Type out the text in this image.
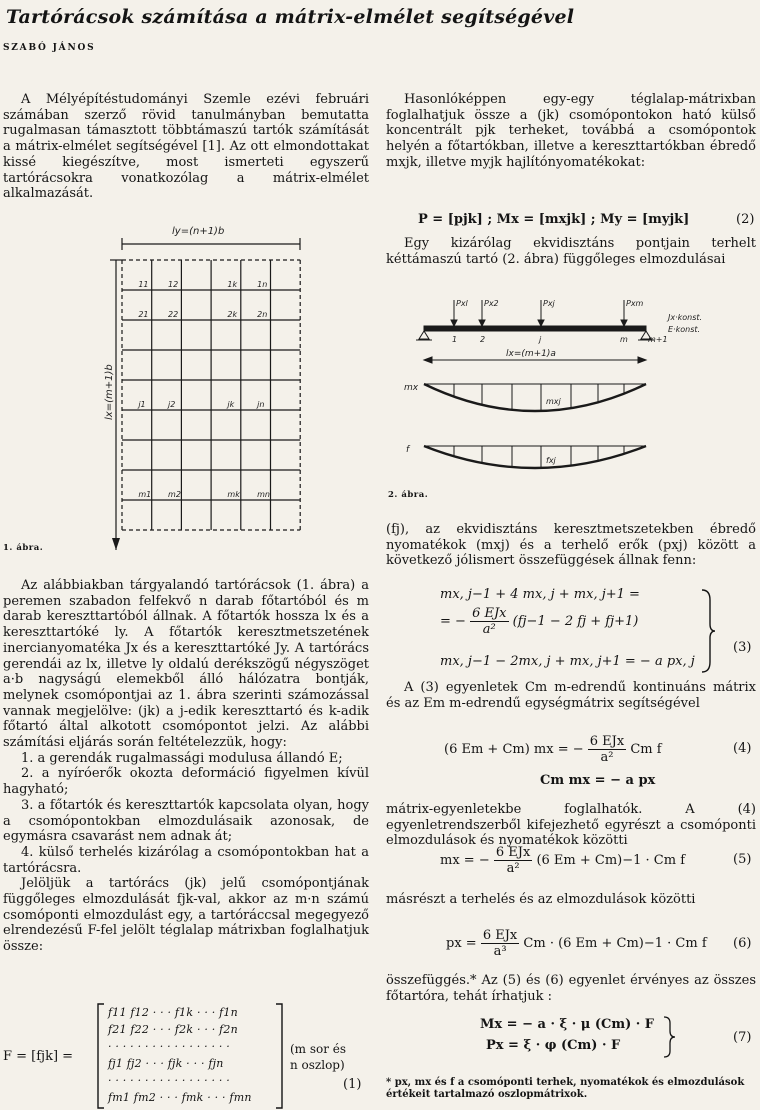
Tartórácsok számítása a mátrix-elmélet segítségével
SZABÓ JÁNOS

A Mélyépítéstudományi Szemle ezévi februári számában szerző rövid tanulmányban bemutatta rugalmasan támasztott többtámaszú tartók számítását a mátrix-elmélet segítségével [1]. Az ott elmondottakat kissé kiegészítve, most ismerteti egyszerű tartórácsokra vonatkozólag a mátrix-elmélet alkalmazását.

11 12	1k 1n
21 22	2k 2n
j1	j2	jk	jn
m1 m2	mk mn
ly=(n+1)b
lx=(m+1)b
1. ábra.

Az alábbiakban tárgyalandó tartórácsok (1. ábra) a peremen szabadon felfekvő n darab főtartóból és m darab kereszttartóból állnak. A főtartók hossza lx és a kereszttartóké ly. A főtartók keresztmetszetének inercianyomatéka Jx és a kereszttartóké Jy. A tartórács gerendái az lx, illetve ly oldalú derékszögű négyszöget a·b nagyságú elemekből álló hálózatra bontják, melynek csomópontjai az 1. ábra szerinti számozással vannak megjelölve: (jk) a j-edik kereszttartó és k-adik főtartó által alkotott csomópontot jelzi. Az alábbi számítási eljárás során feltételezzük, hogy:

1. a gerendák rugalmassági modulusa állandó E;

2. a nyíróerők okozta deformáció figyelmen kívül hagyható;

3. a főtartók és kereszttartók kapcsolata olyan, hogy a csomópontokban elmozdulásaik azonosak, de egymásra csavarást nem adnak át;

4. külső terhelés kizárólag a csomópontokban hat a tartórácsra.

Jelöljük a tartórács (jk) jelű csomópontjának függőleges elmozdulását fjk-val, akkor az m·n számú csomóponti elmozdulást egy, a tartóráccsal megegyező elrendezésű F-fel jelölt téglalap mátrixban foglalhatjuk össze:

F = [fjk] =
f11 f12 · · · f1k · · · f1n
f21 f22 · · · f2k · · · f2n
· · · · · · · · · · · · · · · · ·
fj1 fj2 · · · fjk · · · fjn
· · · · · · · · · · · · · · · · ·
fm1 fm2 · · · fmk · · · fmn
(m sor és
n oszlop)
(1)

Hasonlóképpen egy-egy téglalap-mátrixban foglalhatjuk össze a (jk) csomópontokon ható külső koncentrált pjk terheket, továbbá a csomópontok helyén a főtartókban, illetve a kereszttartókban ébredő mxjk, illetve myjk hajlítónyomatékokat:

P = [pjk] ; Mx = [mxjk] ; My = [myjk]	(2)

Egy kizárólag ekvidisztáns pontjain terhelt kéttámaszú tartó (2. ábra) függőleges elmozdulásai

Pxl Px2	Pxj	Pxm
1	2	j	m	m+1
Jx·konst.
E·konst.
lx=(m+1)a
mx
mxj
f
fxj
2. ábra.

(fj), az ekvidisztáns keresztmetszetekben ébredő nyomatékok (mxj) és a terhelő erők (pxj) között a következő jólismert összefüggések állnak fenn:

mx, j−1 + 4 mx, j + mx, j+1 =
= − $\frac{\text{6 EJx}}{\text{a²}} (fj-1 - 2$ fj + fj+1)
mx, j−1 − 2mx, j + mx, j+1 = − a px, j
(3)

A (3) egyenletek Cm m-edrendű kontinuáns mátrix és az Em m-edrendű egységmátrix segítségével

(6 Em + Cm) mx = − $\frac{\text{6 EJx}}{\text{a²}}$ Cm f	(4)
Cm mx = − a px

mátrix-egyenletekbe foglalhatók. A (4) egyenletrendszerből kifejezhető egyrészt a csomóponti elmozdulások és nyomatékok közötti

mx = − $\frac{\text{6 EJx}}{\text{a²}} (6$ Em + Cm)−1 · Cm f	(5)

másrészt a terhelés és az elmozdulások közötti

px = $\frac{\text{6 EJx}}{\text{a³}}$ Cm · (6 Em + Cm)−1 · Cm f (6)

összefüggés.* Az (5) és (6) egyenlet érvényes az összes főtartóra, tehát írhatjuk :

Mx = − a · ξ · μ (Cm) · F
Px = ξ · φ (Cm) · F
(7)
* px, mx és f a csomóponti terhek, nyomatékok és elmozdulások értékeit tartalmazó oszlopmátrixok.
